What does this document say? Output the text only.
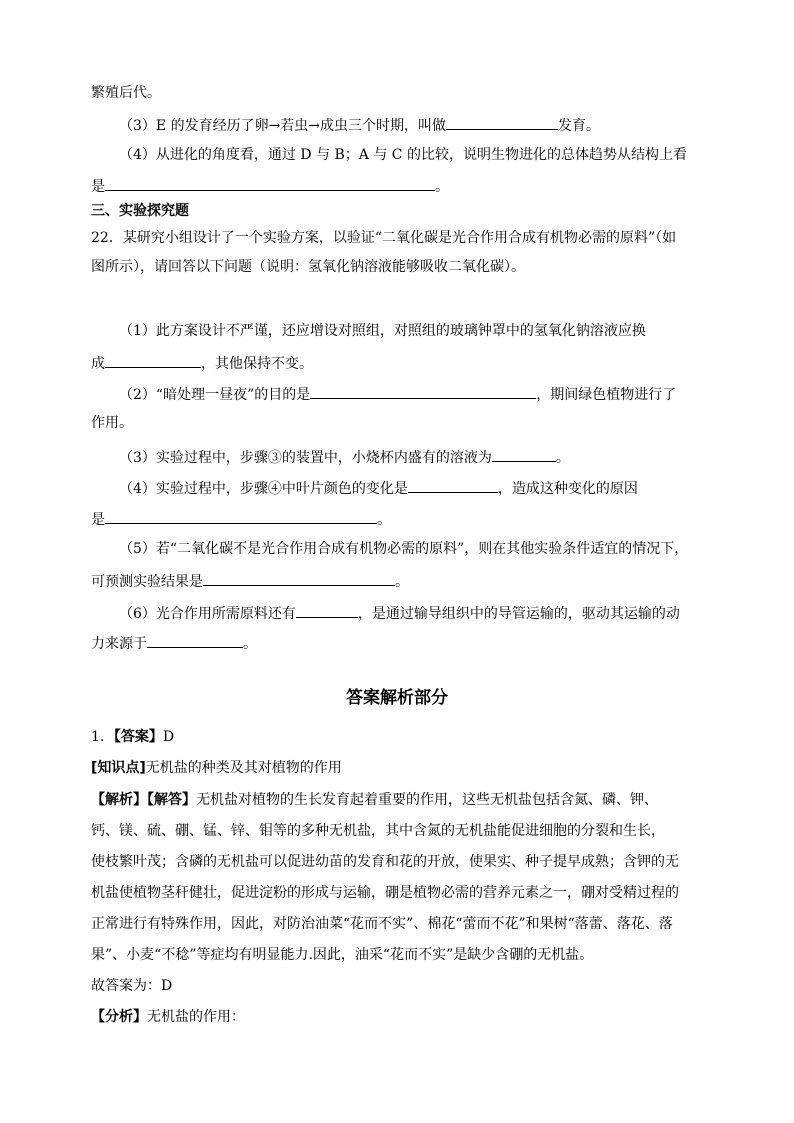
繁殖后代。
（3）E 的发育经历了卵→若虫→成虫三个时期，叫做	发育。
（4）从进化的角度看，通过 D 与 B；A 与 C 的比较，说明生物进化的总体趋势从结构上看
是	。
三、实验探究题
22．某研究小组设计了一个实验方案，以验证“二氧化碳是光合作用合成有机物必需的原料”（如
图所示），请回答以下问题（说明：氢氧化钠溶液能够吸收二氧化碳）。
（1）此方案设计不严谨，还应增设对照组，对照组的玻璃钟罩中的氢氧化钠溶液应换
成	，其他保持不变。
（2）“暗处理一昼夜”的目的是	，期间绿色植物进行了
作用。
（3）实验过程中，步骤③的装置中，小烧杯内盛有的溶液为	。
（4）实验过程中，步骤④中叶片颜色的变化是	，造成这种变化的原因
是	。
（5）若“二氧化碳不是光合作用合成有机物必需的原料”，则在其他实验条件适宜的情况下，
可预测实验结果是	。
（6）光合作用所需原料还有	，是通过输导组织中的导管运输的，驱动其运输的动
力来源于	。
答案解析部分
1．【答案】D
[知识点]无机盐的种类及其对植物的作用
【解析】【解答】无机盐对植物的生长发育起着重要的作用，这些无机盐包括含氮、磷、钾、
钙、镁、硫、硼、锰、锌、钼等的多种无机盐，其中含氮的无机盐能促进细胞的分裂和生长，
使枝繁叶茂；含磷的无机盐可以促进幼苗的发育和花的开放，使果实、种子提早成熟；含钾的无
机盐使植物茎秆健壮，促进淀粉的形成与运输，硼是植物必需的营养元素之一，硼对受精过程的
正常进行有特殊作用，因此，对防治油菜“花而不实”、棉花“蕾而不花”和果树“落蕾、落花、落
果”、小麦“不稔”等症均有明显能力.因此，油采“花而不实”是缺少含硼的无机盐。
故答案为：D
【分析】无机盐的作用：
